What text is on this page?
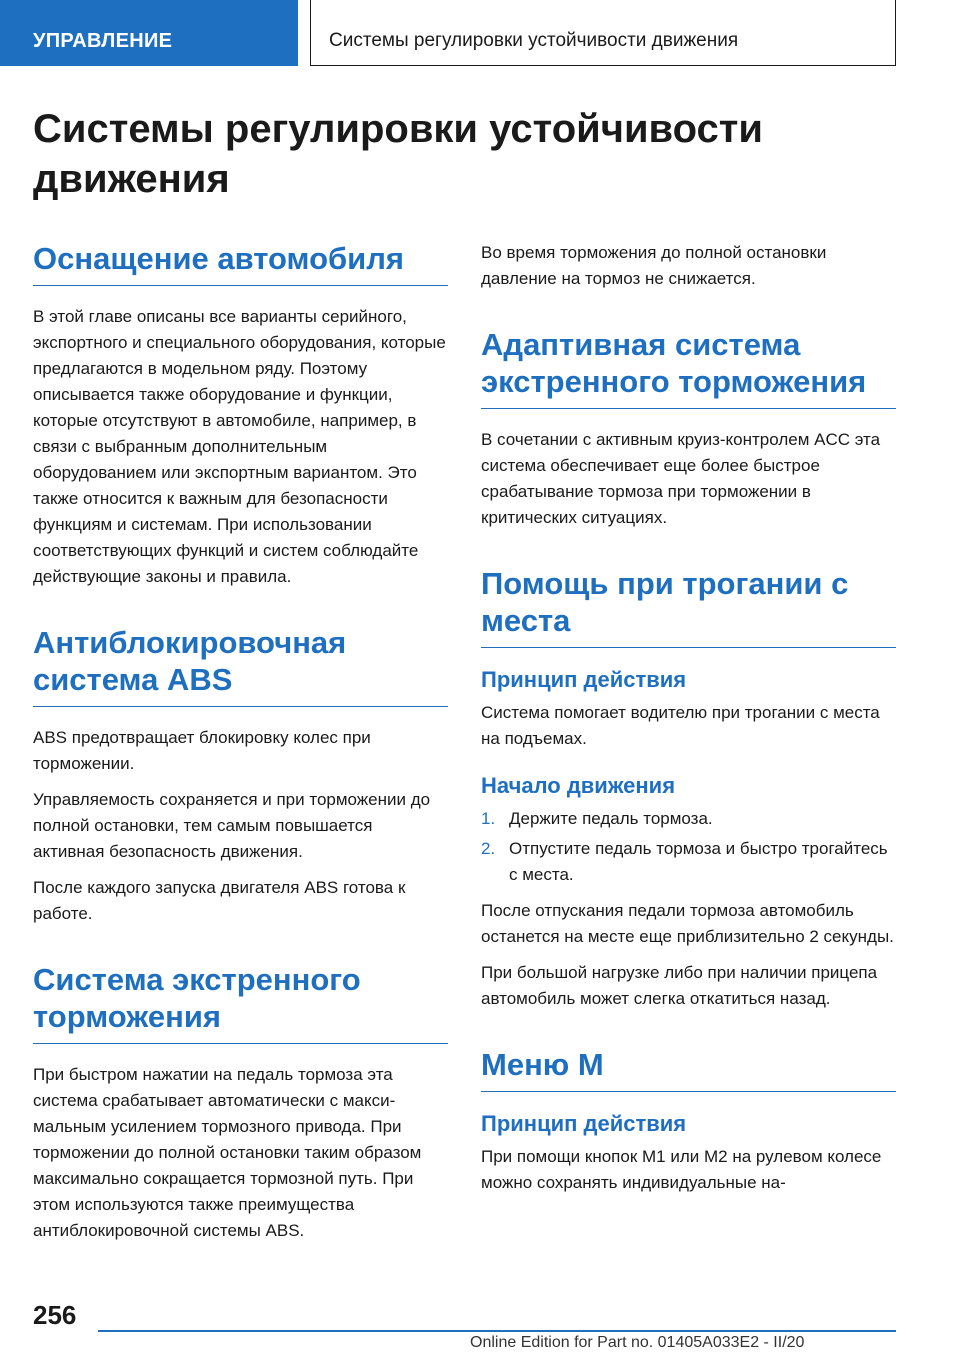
УПРАВЛЕНИЕ	Системы регулировки устойчивости движения
Системы регулировки устойчивости движения
Оснащение автомобиля

В этой главе описаны все варианты серийного, экспортного и специального оборудования, которые предлагаются в модельном ряду. Поэтому описывается также оборудование и функции, которые отсутствуют в автомобиле, например, в связи с выбранным дополнительным оборудованием или экспортным вариантом. Это также относится к важным для безопасности функциям и системам. При использовании соответствующих функций и систем соблюдайте действующие законы и правила.

Антиблокировочная система ABS

ABS предотвращает блокировку колес при торможении.

Управляемость сохраняется и при торможении до полной остановки, тем самым повышается активная безопасность движения.

После каждого запуска двигателя ABS готова к работе.

Система экстренного торможения

При быстром нажатии на педаль тормоза эта система срабатывает автоматически с максимальным усилением тормозного привода. При торможении до полной остановки таким образом максимально сокращается тормозной путь. При этом используются также преимущества антиблокировочной системы ABS.

Во время торможения до полной остановки давление на тормоз не снижается.

Адаптивная система экстренного торможения

В сочетании с активным круиз-контролем ACC эта система обеспечивает еще более быстрое срабатывание тормоза при торможении в критических ситуациях.

Помощь при трогании с места
Принцип действия

Система помогает водителю при трогании с места на подъемах.

Начало движения
1. Держите педаль тормоза.
2. Отпустите педаль тормоза и быстро трогайтесь с места.

После отпускания педали тормоза автомобиль останется на месте еще приблизительно 2 секунды.

При большой нагрузке либо при наличии прицепа автомобиль может слегка откатиться назад.

Меню M
Принцип действия

При помощи кнопок M1 или M2 на рулевом колесе можно сохранять индивидуальные на-

256
Online Edition for Part no. 01405A033E2 - II/20
